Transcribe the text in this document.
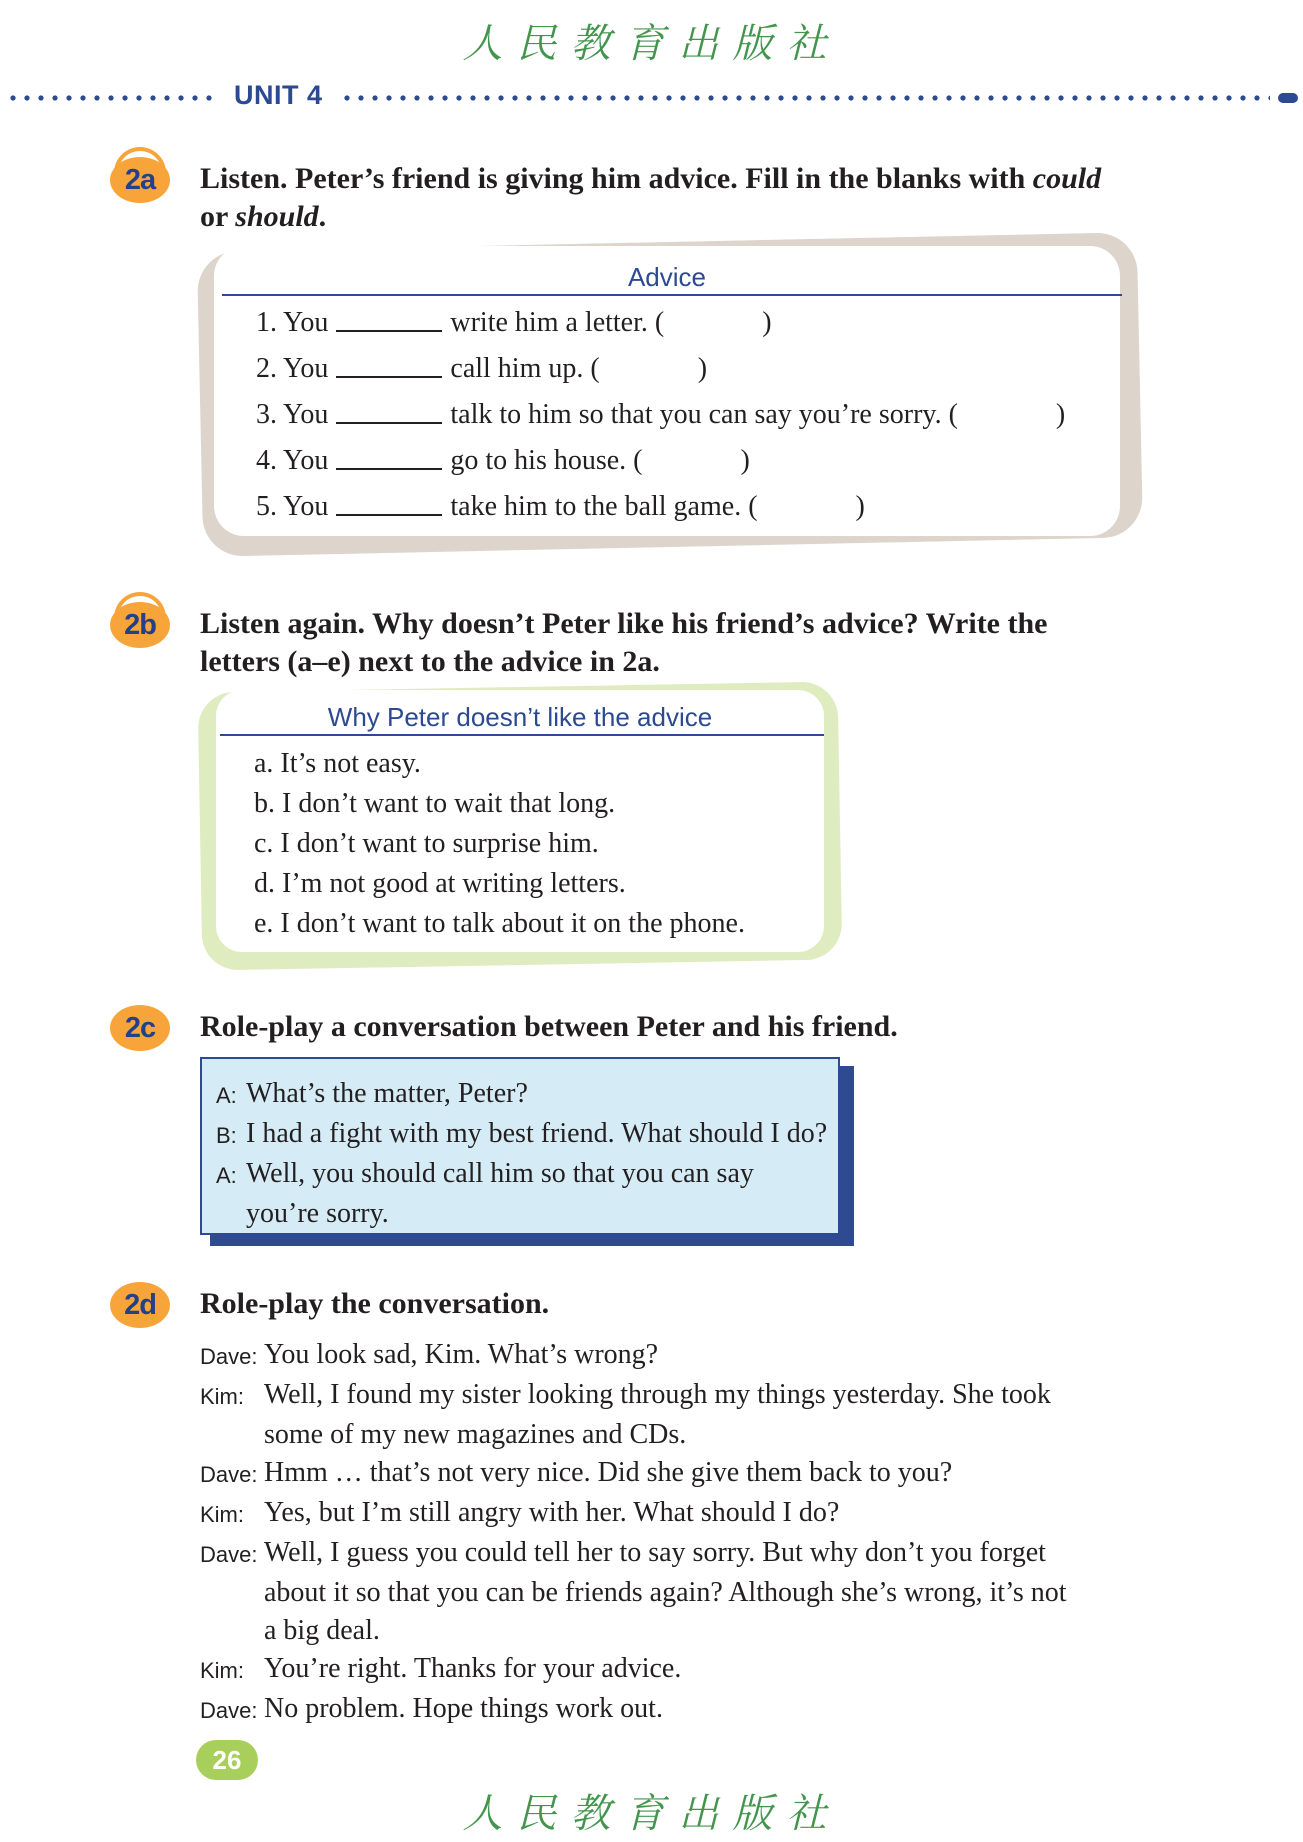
人民教育出版社
人民教育出版社
UNIT 4
2a	Listen. Peter’s friend is giving him advice. Fill in the blanks with could
or should.
Advice
1. You	write him a letter. (	)
2. You	call him up. (	)
3. You	talk to him so that you can say you’re sorry. (	)
4. You	go to his house. (	)
5. You	take him to the ball game. (	)
2b	Listen again. Why doesn’t Peter like his friend’s advice? Write the
letters (a–e) next to the advice in 2a.
Why Peter doesn’t like the advice
a. It’s not easy.
b. I don’t want to wait that long.
c. I don’t want to surprise him.
d. I’m not good at writing letters.
e. I don’t want to talk about it on the phone.
2c	Role-play a conversation between Peter and his friend.
A: What’s the matter, Peter?
B: I had a fight with my best friend. What should I do?
A: Well, you should call him so that you can say
you’re sorry.
2d	Role-play the conversation.
Dave: You look sad, Kim. What’s wrong?
Kim: Well, I found my sister looking through my things yesterday. She took
some of my new magazines and CDs.
Dave: Hmm … that’s not very nice. Did she give them back to you?
Kim: Yes, but I’m still angry with her. What should I do?
Dave: Well, I guess you could tell her to say sorry. But why don’t you forget
about it so that you can be friends again? Although she’s wrong, it’s not
a big deal.
Kim: You’re right. Thanks for your advice.
Dave: No problem. Hope things work out.
26
